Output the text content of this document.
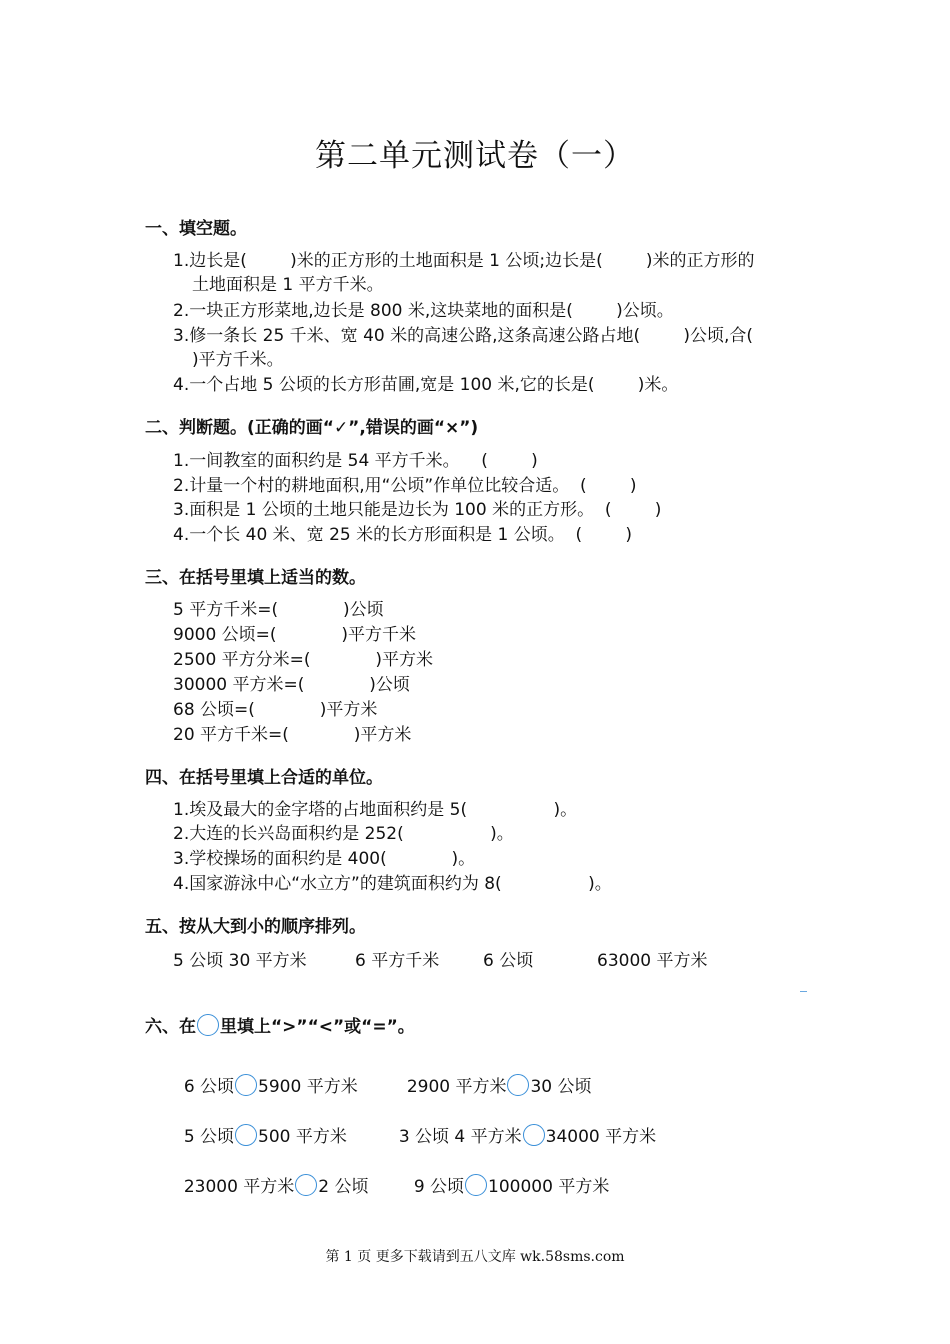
第二单元测试卷（一）
一、填空题。
1.边长是(        )米的正方形的土地面积是 1 公顷;边长是(        )米的正方形的
土地面积是 1 平方千米。
2.一块正方形菜地,边长是 800 米,这块菜地的面积是(        )公顷。
3.修一条长 25 千米、宽 40 米的高速公路,这条高速公路占地(        )公顷,合(
)平方千米。
4.一个占地 5 公顷的长方形苗圃,宽是 100 米,它的长是(        )米。
二、判断题。(正确的画“✓”,错误的画“×”)
1.一间教室的面积约是 54 平方千米。    (        )
2.计量一个村的耕地面积,用“公顷”作单位比较合适。  (        )
3.面积是 1 公顷的土地只能是边长为 100 米的正方形。  (        )
4.一个长 40 米、宽 25 米的长方形面积是 1 公顷。  (        )
三、在括号里填上适当的数。
5 平方千米=(            )公顷
9000 公顷=(            )平方千米
2500 平方分米=(            )平方米
30000 平方米=(            )公顷
68 公顷=(            )平方米
20 平方千米=(            )平方米
四、在括号里填上合适的单位。
1.埃及最大的金字塔的占地面积约是 5(                )。
2.大连的长兴岛面积约是 252(                )。
3.学校操场的面积约是 400(            )。
4.国家游泳中心“水立方”的建筑面积约为 8(                )。
五、按从大到小的顺序排列。
5 公顷 30 平方米	6 平方千米	6 公顷	63000 平方米
六、在 里填上“>”“<”或“=”。

6 公顷 5900 平方米	2900 平方米 30 公顷

5 公顷 500 平方米	3 公顷 4 平方米 34000 平方米

23000 平方米 2 公顷	9 公顷 100000 平方米

第 1 页 更多下载请到五八文库 wk.58sms.com
